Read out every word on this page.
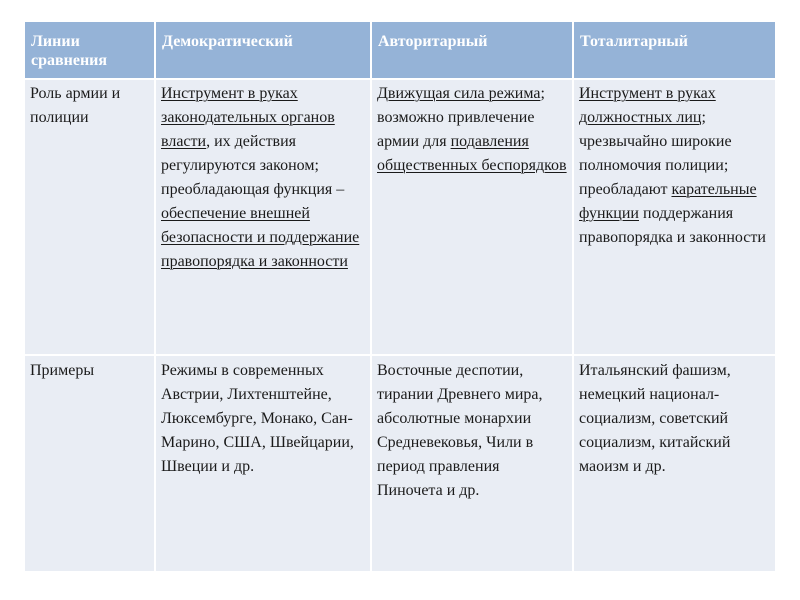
Линии сравнения	Демократический	Авторитарный	Тоталитарный
Роль армии и полиции	Инструмент в руках законодательных органов власти, их действия регулируются законом; преобладающая функция – обеспечение внешней безопасности и поддержание правопорядка и законности	Движущая сила режима; возможно привлечение армии для подавления общественных беспорядков	Инструмент в руках должностных лиц; чрезвычайно широкие полномочия полиции; преобладают карательные функции поддержания правопорядка и законности
Примеры	Режимы в современных Австрии, Лихтенштейне, Люксембурге, Монако, Сан-Марино, США, Швейцарии, Швеции и др.	Восточные деспотии, тирании Древнего мира, абсолютные монархии Средневековья, Чили в период правления Пиночета и др.	Итальянский фашизм, немецкий национал-социализм, советский социализм, китайский маоизм и др.
